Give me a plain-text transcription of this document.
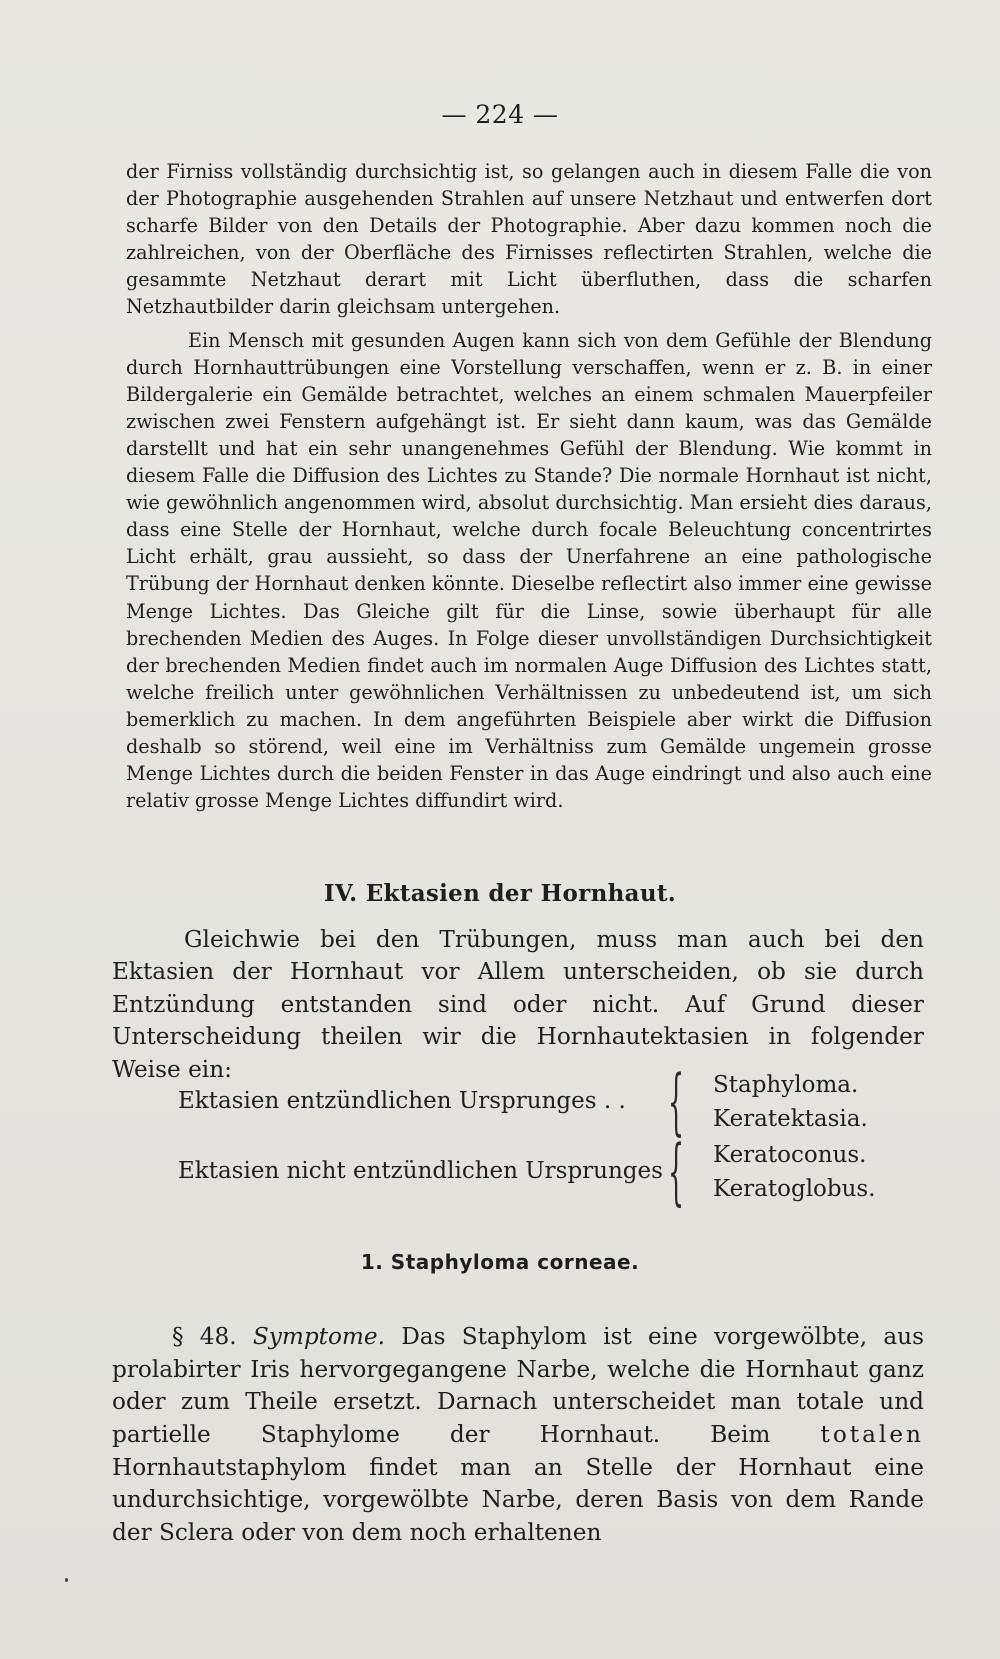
— 224 —

der Firniss vollständig durchsichtig ist, so gelangen auch in diesem Falle die von der Photographie ausgehenden Strahlen auf unsere Netzhaut und entwerfen dort scharfe Bilder von den Details der Photographie. Aber dazu kommen noch die zahlreichen, von der Oberfläche des Firnisses reflectirten Strahlen, welche die gesammte Netzhaut derart mit Licht überfluthen, dass die scharfen Netzhautbilder darin gleichsam untergehen.

Ein Mensch mit gesunden Augen kann sich von dem Gefühle der Blendung durch Hornhauttrübungen eine Vorstellung verschaffen, wenn er z. B. in einer Bildergalerie ein Gemälde betrachtet, welches an einem schmalen Mauerpfeiler zwischen zwei Fenstern aufgehängt ist. Er sieht dann kaum, was das Gemälde darstellt und hat ein sehr unangenehmes Gefühl der Blendung. Wie kommt in diesem Falle die Diffusion des Lichtes zu Stande? Die normale Hornhaut ist nicht, wie gewöhnlich angenommen wird, absolut durchsichtig. Man ersieht dies daraus, dass eine Stelle der Hornhaut, welche durch focale Beleuchtung concentrirtes Licht erhält, grau aussieht, so dass der Unerfahrene an eine pathologische Trübung der Hornhaut denken könnte. Dieselbe reflectirt also immer eine gewisse Menge Lichtes. Das Gleiche gilt für die Linse, sowie überhaupt für alle brechenden Medien des Auges. In Folge dieser unvollständigen Durchsichtigkeit der brechenden Medien findet auch im normalen Auge Diffusion des Lichtes statt, welche freilich unter gewöhnlichen Verhältnissen zu unbedeutend ist, um sich bemerklich zu machen. In dem angeführten Beispiele aber wirkt die Diffusion deshalb so störend, weil eine im Verhältniss zum Gemälde ungemein grosse Menge Lichtes durch die beiden Fenster in das Auge eindringt und also auch eine relativ grosse Menge Lichtes diffundirt wird.

IV. Ektasien der Hornhaut.

Gleichwie bei den Trübungen, muss man auch bei den Ektasien der Hornhaut vor Allem unterscheiden, ob sie durch Entzündung entstanden sind oder nicht. Auf Grund dieser Unterscheidung theilen wir die Hornhautektasien in folgender Weise ein:

Ektasien entzündlichen Ursprunges . . { Staphyloma.
Keratektasia.
Ektasien nicht entzündlichen Ursprunges { Keratoconus.
Keratoglobus.
1. Staphyloma corneae.

§ 48. Symptome. Das Staphylom ist eine vorgewölbte, aus prolabirter Iris hervorgegangene Narbe, welche die Hornhaut ganz oder zum Theile ersetzt. Darnach unterscheidet man totale und partielle Staphylome der Hornhaut. Beim totalen Hornhautstaphylom findet man an Stelle der Hornhaut eine undurchsichtige, vorgewölbte Narbe, deren Basis von dem Rande der Sclera oder von dem noch erhaltenen
